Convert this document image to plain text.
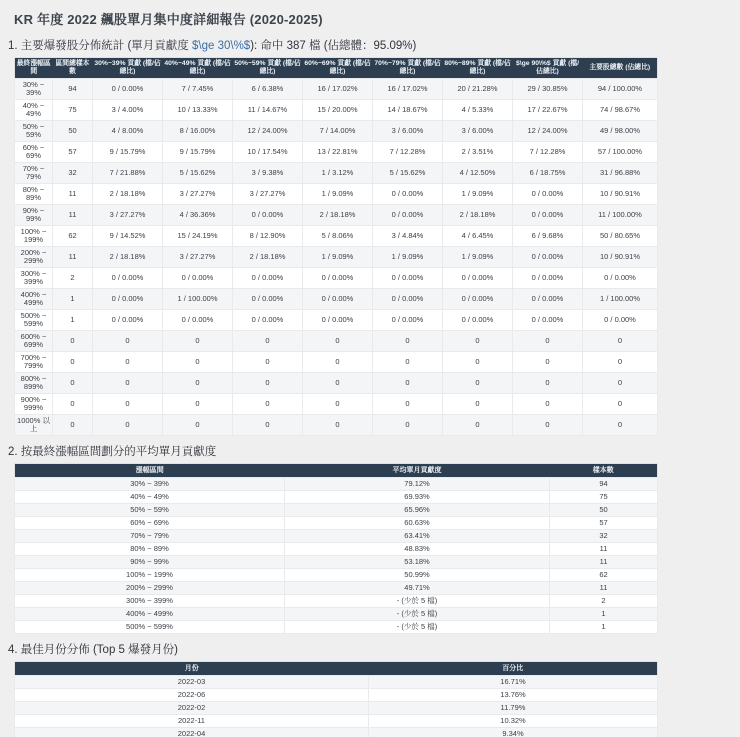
KR 年度 2022 飆股單月集中度詳細報告 (2020-2025)
1. 主要爆發股分佈統計 (單月貢獻度 $\ge 30\%$): 命中 387 檔 (佔總體：95.09%)
最終漲幅區間	區間總樣本數	30%~39% 貢獻 (檔/佔總比)	40%~49% 貢獻 (檔/佔總比)	50%~59% 貢獻 (檔/佔總比)	60%~69% 貢獻 (檔/佔總比)	70%~79% 貢獻 (檔/佔總比)	80%~89% 貢獻 (檔/佔總比)	$\ge 90\%$ 貢獻 (檔/佔總比)	主要股總數 (佔總比)
30% ~ 39%	94	0 / 0.00%	7 / 7.45%	6 / 6.38%	16 / 17.02%	16 / 17.02%	20 / 21.28%	29 / 30.85%	94 / 100.00%
40% ~ 49%	75	3 / 4.00%	10 / 13.33%	11 / 14.67%	15 / 20.00%	14 / 18.67%	4 / 5.33%	17 / 22.67%	74 / 98.67%
50% ~ 59%	50	4 / 8.00%	8 / 16.00%	12 / 24.00%	7 / 14.00%	3 / 6.00%	3 / 6.00%	12 / 24.00%	49 / 98.00%
60% ~ 69%	57	9 / 15.79%	9 / 15.79%	10 / 17.54%	13 / 22.81%	7 / 12.28%	2 / 3.51%	7 / 12.28%	57 / 100.00%
70% ~ 79%	32	7 / 21.88%	5 / 15.62%	3 / 9.38%	1 / 3.12%	5 / 15.62%	4 / 12.50%	6 / 18.75%	31 / 96.88%
80% ~ 89%	11	2 / 18.18%	3 / 27.27%	3 / 27.27%	1 / 9.09%	0 / 0.00%	1 / 9.09%	0 / 0.00%	10 / 90.91%
90% ~ 99%	11	3 / 27.27%	4 / 36.36%	0 / 0.00%	2 / 18.18%	0 / 0.00%	2 / 18.18%	0 / 0.00%	11 / 100.00%
100% ~ 199%	62	9 / 14.52%	15 / 24.19%	8 / 12.90%	5 / 8.06%	3 / 4.84%	4 / 6.45%	6 / 9.68%	50 / 80.65%
200% ~ 299%	11	2 / 18.18%	3 / 27.27%	2 / 18.18%	1 / 9.09%	1 / 9.09%	1 / 9.09%	0 / 0.00%	10 / 90.91%
300% ~ 399%	2	0 / 0.00%	0 / 0.00%	0 / 0.00%	0 / 0.00%	0 / 0.00%	0 / 0.00%	0 / 0.00%	0 / 0.00%
400% ~ 499%	1	0 / 0.00%	1 / 100.00%	0 / 0.00%	0 / 0.00%	0 / 0.00%	0 / 0.00%	0 / 0.00%	1 / 100.00%
500% ~ 599%	1	0 / 0.00%	0 / 0.00%	0 / 0.00%	0 / 0.00%	0 / 0.00%	0 / 0.00%	0 / 0.00%	0 / 0.00%
600% ~ 699%	0	0	0	0	0	0	0	0	0
700% ~ 799%	0	0	0	0	0	0	0	0	0
800% ~ 899%	0	0	0	0	0	0	0	0	0
900% ~ 999%	0	0	0	0	0	0	0	0	0
1000% 以上	0	0	0	0	0	0	0	0	0
2. 按最終漲幅區間劃分的平均單月貢獻度
漲幅區間	平均單月貢獻度	樣本數
30% ~ 39%	79.12%	94
40% ~ 49%	69.93%	75
50% ~ 59%	65.96%	50
60% ~ 69%	60.63%	57
70% ~ 79%	63.41%	32
80% ~ 89%	48.83%	11
90% ~ 99%	53.18%	11
100% ~ 199%	50.99%	62
200% ~ 299%	49.71%	11
300% ~ 399%	- (少於 5 檔)	2
400% ~ 499%	- (少於 5 檔)	1
500% ~ 599%	- (少於 5 檔)	1
4. 最佳月份分佈 (Top 5 爆發月份)
月份	百分比
2022-03	16.71%
2022-06	13.76%
2022-02	11.79%
2022-11	10.32%
2022-04	9.34%
